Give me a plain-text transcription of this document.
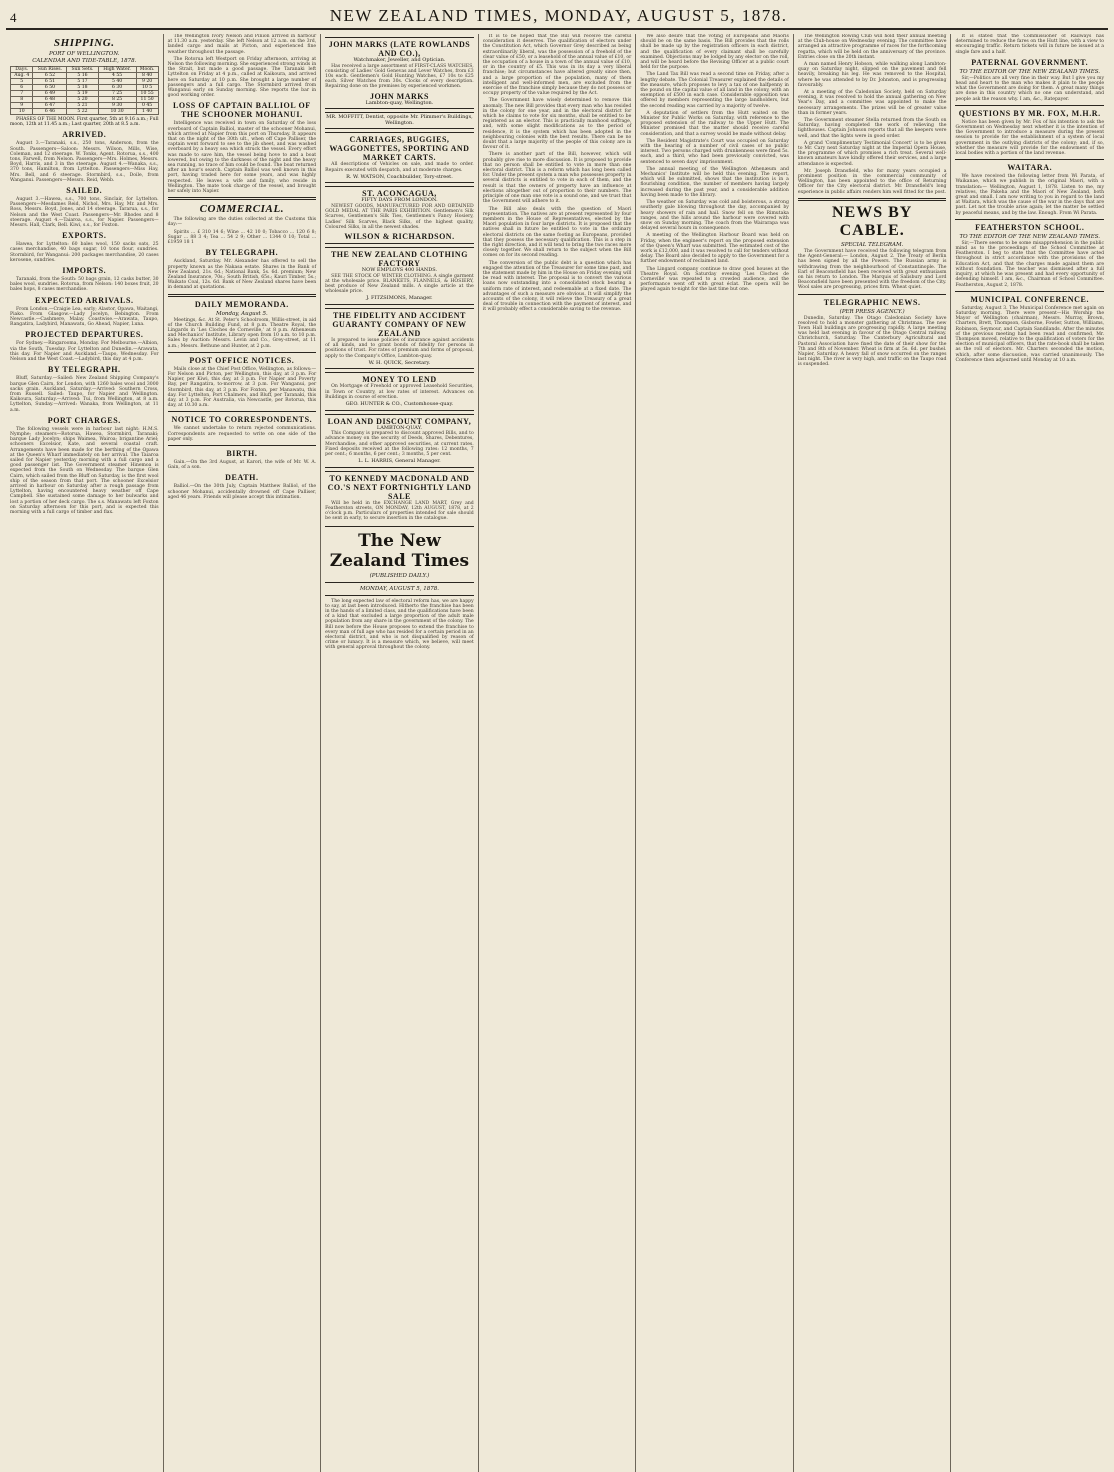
4	NEW ZEALAND TIMES, MONDAY, AUGUST 5, 1878.

SHIPPING.
PORT OF WELLINGTON.
CALENDAR AND TIDE-TABLE, 1878.
Days.	Sun Rises.	Sun Sets.	High Water.	Moon.
Aug. 4	6 52	5 16	4 55	8 40
5	6 51	5 17	5 40	9 20
6	6 50	5 18	6 30	10 5
7	6 49	5 19	7 25	10 55
8	6 48	5 20	8 25	11 50
9	6 47	5 21	9 30	0 45
10	6 46	5 22	10 30	1 40

PHASES OF THE MOON. First quarter, 5th at 9.16 a.m.; Full moon, 12th at 11.45 a.m.; Last quarter, 20th at 8.5 a.m.

ARRIVED.

August 3.—Taranaki, s.s., 250 tons, Anderson, from the South. Passengers—Saloon: Messrs. Wilson, Mills, Wise, Coleman, and 12 steerage. W. Tonks, Agent. Rotorua, s.s., 400 tons, Farwell, from Nelson. Passengers—Mrs. Holmes, Messrs. Boyd, Harris, and 3 in the steerage. August 4.—Wanaka, s.s., 370 tons, Hamilton, from Lyttelton. Passengers—Miss Hay, Mrs. Bell, and 6 steerage. Stormbird, s.s., Doile, from Wanganui. Passengers—Messrs. Reid, Webb.

SAILED.

August 3.—Hawea, s.s., 700 tons, Sinclair, for Lyttelton. Passengers—Mesdames Reid, Nichol, Mrs. Hay, Mr. and Mrs. Ross, Messrs. Boyd, Jones, and 14 steerage. Tararua, s.s., for Nelson and the West Coast. Passengers—Mr. Rhodes and 8 steerage. August 4.—Taiaroa, s.s., for Napier. Passengers—Messrs. Hall, Clark, Bell. Kiwi, s.s., for Foxton.

EXPORTS.

Hawea, for Lyttelton: 60 bales wool, 150 sacks oats, 25 cases merchandise, 40 bags sugar, 10 tons flour, sundries. Stormbird, for Wanganui: 200 packages merchandise, 20 cases kerosene, sundries.

IMPORTS.

Taranaki, from the South: 50 bags grain, 12 casks butter, 30 bales wool, sundries. Rotorua, from Nelson: 140 boxes fruit, 20 bales hops, 8 cases merchandise.

EXPECTED ARRIVALS.

From London.—Craigie Lea, early; Alastor, Opawa, Waitangi, Piako. From Glasgow.—Lady Jocelyn, Bebington. From Newcastle.—Cashmere, Malay. Coastwise.—Arawata, Taupo, Rangatira, Ladybird, Manawatu, Go Ahead, Napier, Luna.

PROJECTED DEPARTURES.

For Sydney.—Ringarooma, Monday. For Melbourne.—Albion, via the South, Tuesday. For Lyttelton and Dunedin.—Arawata, this day. For Napier and Auckland.—Taupo, Wednesday. For Nelson and the West Coast.—Ladybird, this day at 4 p.m.

BY TELEGRAPH.

Bluff, Saturday.—Sailed: New Zealand Shipping Company's barque Glen Cairn, for London, with 1260 bales wool and 3000 sacks grain. Auckland, Saturday.—Arrived: Southern Cross, from Russell. Sailed: Taupo, for Napier and Wellington. Kaikoura, Saturday.—Arrived: Tui, from Wellington, at 8 a.m. Lyttelton, Sunday.—Arrived: Wanaka, from Wellington, at 11 a.m.

PORT CHARGES.

The following vessels were in harbour last night: H.M.S. Nymphe; steamers—Rotorua, Hawea, Stormbird, Taranaki; barque Lady Jocelyn; ships Waimea, Wairoa; brigantine Ariel; schooners Excelsior, Kate, and several coastal craft. Arrangements have been made for the berthing of the Opawa at the Queen's Wharf immediately on her arrival. The Taiaroa sailed for Napier yesterday morning with a full cargo and a good passenger list. The Government steamer Hinemoa is expected from the South on Wednesday. The barque Glen Cairn, which sailed from the Bluff on Saturday, is the first wool ship of the season from that port. The schooner Excelsior arrived in harbour on Saturday after a rough passage from Lyttelton, having encountered heavy weather off Cape Campbell. She sustained some damage to her bulwarks and lost a portion of her deck cargo. The s.s. Manawatu left Foxton on Saturday afternoon for this port, and is expected this morning with a full cargo of timber and flax.

The Wellington Ivory Nelson and Pinion arrived in harbour at 11.30 a.m. yesterday. She left Nelson at 12 a.m. on the 3rd, landed cargo and mails at Picton, and experienced fine weather throughout the passage.

The Rotorua left Westport on Friday afternoon, arriving at Nelson the following morning. She experienced strong winds in the Strait, but made a good passage. The Taranaki left Lyttelton on Friday at 4 p.m., called at Kaikoura, and arrived here on Saturday at 10 p.m. She brought a large number of passengers and a full cargo. The Stormbird arrived from Wanganui early on Sunday morning. She reports the bar in good working order.

LOSS OF CAPTAIN BALLIOL OF THE SCHOONER MOHANUI.

Intelligence was received in town on Saturday of the loss overboard of Captain Balliol, master of the schooner Mohanui, which arrived at Napier from this port on Thursday. It appears that on the night of the 30th ult., when off Cape Palliser, the captain went forward to see to the jib sheet, and was washed overboard by a heavy sea which struck the vessel. Every effort was made to save him, the vessel being hove to and a boat lowered, but owing to the darkness of the night and the heavy sea running, no trace of him could be found. The boat returned after an hour's search. Captain Balliol was well known in this port, having traded here for some years, and was highly respected. He leaves a wife and family, who reside in Wellington. The mate took charge of the vessel, and brought her safely into Napier.

COMMERCIAL.

The following are the duties collected at the Customs this day:—

Spirits ... £ 310 14 6; Wine ... 42 10 0; Tobacco ... 120 6 8; Sugar ... 88 3 4; Tea ... 54 2 9; Other ... 1344 0 10; Total ... £1959 18 1

BY TELEGRAPH.

Auckland, Saturday. Mr. Alexander has offered to sell the property known as the Nakasa estate. Shares in the Bank of New Zealand, 21s. 6d.; National Bank, 5s. 6d. premium; New Zealand Insurance, 70s.; South British, 65s.; Kauri Timber, 5s.; Waikato Coal, 12s. 6d. Bank of New Zealand shares have been in demand at quotations.

DAILY MEMORANDA.
Monday, August 5.

Meetings, &c. At St. Peter's Schoolroom, Willis-street, in aid of the Church Building Fund, at 8 p.m. Theatre Royal, the Lingards in 'Les Cloches de Corneville,' at 8 p.m. Athenæum and Mechanics' Institute, Library open from 10 a.m. to 10 p.m. Sales by Auction: Messrs. Levin and Co., Grey-street, at 11 a.m.; Messrs. Bethune and Hunter, at 2 p.m.

POST OFFICE NOTICES.

Mails close at the Chief Post Office, Wellington, as follows:— For Nelson and Picton, per Wellington, this day, at 3 p.m. For Napier, per Kiwi, this day, at 3 p.m. For Napier and Poverty Bay, per Rangatira, to-morrow, at 3 p.m. For Wanganui, per Stormbird, this day, at 3 p.m. For Foxton, per Manawatu, this day. For Lyttelton, Port Chalmers, and Bluff, per Taranaki, this day, at 3 p.m. For Australia, via Newcastle, per Rotorua, this day, at 10.30 a.m.

NOTICE TO CORRESPONDENTS.

We cannot undertake to return rejected communications. Correspondents are requested to write on one side of the paper only.

BIRTH.

Gain.—On the 3rd August, at Karori, the wife of Mr. W. A. Gain, of a son.

DEATH.

Balliol.—On the 30th July, Captain Matthew Balliol, of the schooner Mohanui, accidentally drowned off Cape Palliser, aged 46 years. Friends will please accept this intimation.

JOHN MARKS (LATE ROWLANDS AND CO.),
Watchmaker, Jeweller, and Optician.

Has received a large assortment of FIRST-CLASS WATCHES, consisting of Ladies' Gold Genevas and Lever Watches, from £3 10s each. Gentlemen's Gold Hunting Watches, £7 10s to £25 each. Silver Watches from 30s. Clocks of every description. Repairing done on the premises by experienced workmen.

JOHN MARKS
Lambton-quay, Wellington.
MR. MOFFITT, Dentist, opposite Mr. Plimmer's Buildings, Wellington.
CARRIAGES, BUGGIES, WAGGONETTES, SPORTING AND MARKET CARTS.

All descriptions of Vehicles on sale, and made to order. Repairs executed with despatch, and at moderate charges.

R. W. WATSON, Coachbuilder, Tory-street.
ST. ACONCAGUA,
FIFTY DAYS FROM LONDON.

NEWEST GOODS, MANUFACTURED FOR AND OBTAINED GOLD MEDAL AT THE PARIS EXHIBITION. Gentlemen's Silk Scarves, Gentlemen's Silk Ties, Gentlemen's Fancy Hosiery, Ladies' Silk Scarves, Black Silks, of the highest quality, Coloured Silks, in all the newest shades.

WILSON & RICHARDSON.
THE NEW ZEALAND CLOTHING FACTORY
NOW EMPLOYS 400 HANDS.

SEE THE STOCK OF WINTER CLOTHING. A single garment at the wholesale price. BLANKETS, FLANNELS, & HOSIERY, best produce of New Zealand mills. A single article at the wholesale price.

J. FITZSIMONS, Manager.
THE FIDELITY AND ACCIDENT GUARANTY COMPANY OF NEW ZEALAND

Is prepared to issue policies of insurance against accidents of all kinds, and to grant bonds of fidelity for persons in positions of trust. For rates of premium and forms of proposal, apply to the Company's Office, Lambton-quay.

W. H. QUICK, Secretary.
MONEY TO LEND

On Mortgage of Freehold or approved Leasehold Securities, in Town or Country, at low rates of interest. Advances on Buildings in course of erection.

GEO. HUNTER & CO., Customhouse-quay.
LOAN AND DISCOUNT COMPANY,
LAMBTON-QUAY.

This Company is prepared to discount approved Bills, and to advance money on the security of Deeds, Shares, Debentures, Merchandise, and other approved securities, at current rates. Fixed deposits received at the following rates: 12 months, 7 per cent.; 6 months, 6 per cent.; 3 months, 5 per cent.

L. L. HARRIS, General Manager.
TO KENNEDY MACDONALD AND CO.'S NEXT FORTNIGHTLY LAND SALE

Will be held in the EXCHANGE LAND MART, Grey and Featherston streets, ON MONDAY, 12th AUGUST, 1878, at 2 o'clock p.m. Particulars of properties intended for sale should be sent in early, to secure insertion in the catalogue.

The New Zealand Times
(PUBLISHED DAILY.)
MONDAY, AUGUST 5, 1878.

The long expected law of electoral reform has, we are happy to say, at last been introduced. Hitherto the franchise has been in the hands of a limited class, and the qualifications have been of a kind that excluded a large proportion of the adult male population from any share in the government of the colony. The Bill now before the House proposes to extend the franchise to every man of full age who has resided for a certain period in an electoral district, and who is not disqualified by reason of crime or lunacy. It is a measure which, we believe, will meet with general approval throughout the colony.

It is to be hoped that the Bill will receive the careful consideration it deserves. The qualification of electors under the Constitution Act, which Governor Grey described as being extraordinarily liberal, was the possession of a freehold of the clear value of £50, or a leasehold of the annual value of £10, or the occupation of a house in a town of the annual value of £10, or in the country of £5. This was in its day a very liberal franchise; but circumstances have altered greatly since then, and a large proportion of the population, many of them intelligent and well-informed men, are excluded from the exercise of the franchise simply because they do not possess or occupy property of the value required by the Act.

The Government have wisely determined to remove this anomaly. The new Bill provides that every man who has resided in the colony for one year, and in the electoral district for which he claims to vote for six months, shall be entitled to be registered as an elector. This is practically manhood suffrage, and, with some slight modifications as to the period of residence, it is the system which has been adopted in the neighbouring colonies with the best results. There can be no doubt that a large majority of the people of this colony are in favour of it.

There is another part of the Bill, however, which will probably give rise to more discussion. It is proposed to provide that no person shall be entitled to vote in more than one electoral district. This is a reform which has long been called for. Under the present system a man who possesses property in several districts is entitled to vote in each of them, and the result is that the owners of property have an influence at elections altogether out of proportion to their numbers. The principle of one man one vote is a sound one, and we trust that the Government will adhere to it.

The Bill also deals with the question of Maori representation. The natives are at present represented by four members in the House of Representatives, elected by the Maori population in four large districts. It is proposed that the natives shall in future be entitled to vote in the ordinary electoral districts on the same footing as Europeans, provided that they possess the necessary qualification. This is a step in the right direction, and it will tend to bring the two races more closely together. We shall return to the subject when the Bill comes on for its second reading.

The conversion of the public debt is a question which has engaged the attention of the Treasurer for some time past, and the statement made by him in the House on Friday evening will be read with interest. The proposal is to convert the various loans now outstanding into a consolidated stock bearing a uniform rate of interest, and redeemable at a fixed date. The advantages of such a measure are obvious. It will simplify the accounts of the colony, it will relieve the Treasury of a great deal of trouble in connection with the payment of interest, and it will probably effect a considerable saving to the revenue.

We also desire that the voting of Europeans and Maoris should be on the same basis. The Bill provides that the rolls shall be made up by the registration officers in each district, and the qualification of every claimant shall be carefully examined. Objections may be lodged by any elector on the roll, and will be heard before the Revising Officer at a public court held for the purpose.

The Land Tax Bill was read a second time on Friday, after a lengthy debate. The Colonial Treasurer explained the details of the measure, which proposes to levy a tax of one halfpenny in the pound on the capital value of all land in the colony, with an exemption of £500 in each case. Considerable opposition was offered by members representing the large landholders, but the second reading was carried by a majority of twelve.

A deputation of settlers from the Hutt waited on the Minister for Public Works on Saturday, with reference to the proposed extension of the railway to the Upper Hutt. The Minister promised that the matter should receive careful consideration, and that a survey would be made without delay.

The Resident Magistrate's Court was occupied on Saturday with the hearing of a number of civil cases of no public interest. Two persons charged with drunkenness were fined 5s. each, and a third, who had been previously convicted, was sentenced to seven days' imprisonment.

The annual meeting of the Wellington Athenæum and Mechanics' Institute will be held this evening. The report, which will be submitted, shows that the institution is in a flourishing condition, the number of members having largely increased during the past year, and a considerable addition having been made to the library.

The weather on Saturday was cold and boisterous, a strong southerly gale blowing throughout the day, accompanied by heavy showers of rain and hail. Snow fell on the Rimutaka ranges, and the hills around the harbour were covered with snow on Sunday morning. The coach from the Wairarapa was delayed several hours in consequence.

A meeting of the Wellington Harbour Board was held on Friday, when the engineer's report on the proposed extension of the Queen's Wharf was submitted. The estimated cost of the work is £12,000, and it was resolved to call for tenders without delay. The Board also decided to apply to the Government for a further endowment of reclaimed land.

The Lingard company continue to draw good houses at the Theatre Royal. On Saturday evening 'Les Cloches de Corneville' was repeated to a crowded audience, and the performance went off with great éclat. The opera will be played again to-night for the last time but one.

The Wellington Rowing Club will hold their annual meeting at the Club-house on Wednesday evening. The committee have arranged an attractive programme of races for the forthcoming regatta, which will be held on the anniversary of the province. Entries close on the 20th instant.

A man named Henry Hobson, while walking along Lambton-quay on Saturday night, slipped on the pavement and fell heavily, breaking his leg. He was removed to the Hospital, where he was attended to by Dr. Johnston, and is progressing favourably.

At a meeting of the Caledonian Society, held on Saturday evening, it was resolved to hold the annual gathering on New Year's Day, and a committee was appointed to make the necessary arrangements. The prizes will be of greater value than in former years.

The Government steamer Stella returned from the South on Saturday, having completed the work of relieving the lighthouses. Captain Johnson reports that all the keepers were well, and that the lights were in good order.

A grand 'Complimentary Testimonial Concert' is to be given to Mr. Cary next Saturday night at the Imperial Opera House, the programme of which promises a rich treat. Several well-known amateurs have kindly offered their services, and a large attendance is expected.

Mr. Joseph Dransfield, who for many years occupied a prominent position in the commercial community of Wellington, has been appointed to the office of Returning Officer for the City electoral district. Mr. Dransfield's long experience in public affairs renders him well fitted for the post.

NEWS BY CABLE.
SPECIAL TELEGRAM.

The Government have received the following telegram from the Agent-General:— London, August 2. The Treaty of Berlin has been signed by all the Powers. The Russian army is withdrawing from the neighbourhood of Constantinople. The Earl of Beaconsfield has been received with great enthusiasm on his return to London. The Marquis of Salisbury and Lord Beaconsfield have been presented with the freedom of the City. Wool sales are progressing, prices firm. Wheat quiet.

TELEGRAPHIC NEWS.
(PER PRESS AGENCY.)

Dunedin, Saturday. The Otago Caledonian Society have resolved to hold a monster gathering at Christmas. The new Town Hall buildings are progressing rapidly. A large meeting was held last evening in favour of the Otago Central railway. Christchurch, Saturday. The Canterbury Agricultural and Pastoral Association have fixed the date of their show for the 7th and 8th of November. Wheat is firm at 5s. 6d. per bushel. Napier, Saturday. A heavy fall of snow occurred on the ranges last night. The river is very high, and traffic on the Taupo road is suspended.

It is stated that the Commissioner of Railways has determined to reduce the fares on the Hutt line, with a view to encouraging traffic. Return tickets will in future be issued at a single fare and a half.

PATERNAL GOVERNMENT.
TO THE EDITOR OF THE NEW ZEALAND TIMES.

Sir,—Politics are all very fine in their way. But I give you my head and heart to the man who makes it plain to the people what the Government are doing for them. A great many things are done in this country which no one can understand, and people ask the reason why. I am, &c., Ratepayer.

QUESTIONS BY MR. FOX, M.H.R.

Notice has been given by Mr. Fox of his intention to ask the Government on Wednesday next whether it is the intention of the Government to introduce a measure during the present session to provide for the establishment of a system of local government in the outlying districts of the colony; and, if so, whether the measure will provide for the endowment of the local bodies with a portion of the land revenue.

WAITARA.

We have received the following letter from Wi Parata, of Waikanae, which we publish in the original Maori, with a translation:— Wellington, August 1, 1878. Listen to me, my relatives, the Pakeha and the Maori of New Zealand, both great and small. I am now writing to you in regard to the land at Waitara, which was the cause of the war in the days that are past. Let not the trouble arise again; let the matter be settled by peaceful means, and by the law. Enough. From Wi Parata.

FEATHERSTON SCHOOL.
TO THE EDITOR OF THE NEW ZEALAND TIMES.

Sir,—There seems to be some misapprehension in the public mind as to the proceedings of the School Committee at Featherston. I beg to state that the Committee have acted throughout in strict accordance with the provisions of the Education Act, and that the charges made against them are without foundation. The teacher was dismissed after a full inquiry, at which he was present and had every opportunity of defending himself. I am, &c., Chairman of School Committee. Featherston, August 2, 1878.

MUNICIPAL CONFERENCE.

Saturday, August 3. The Municipal Conference met again on Saturday morning. There were present—His Worship the Mayor of Wellington (chairman), Messrs. Murray, Brown, Charters, Brett, Thompson, Gisborne, Fowler, Sutton, Williams, Robinson, Seymour, and Captain Sandilands. After the minutes of the previous meeting had been read and confirmed, Mr. Thompson moved, relative to the qualification of voters for the election of municipal officers, that the rate-book shall be taken as the roll of electors. Mr. Charters seconded the motion, which, after some discussion, was carried unanimously. The Conference then adjourned until Monday at 10 a.m.
